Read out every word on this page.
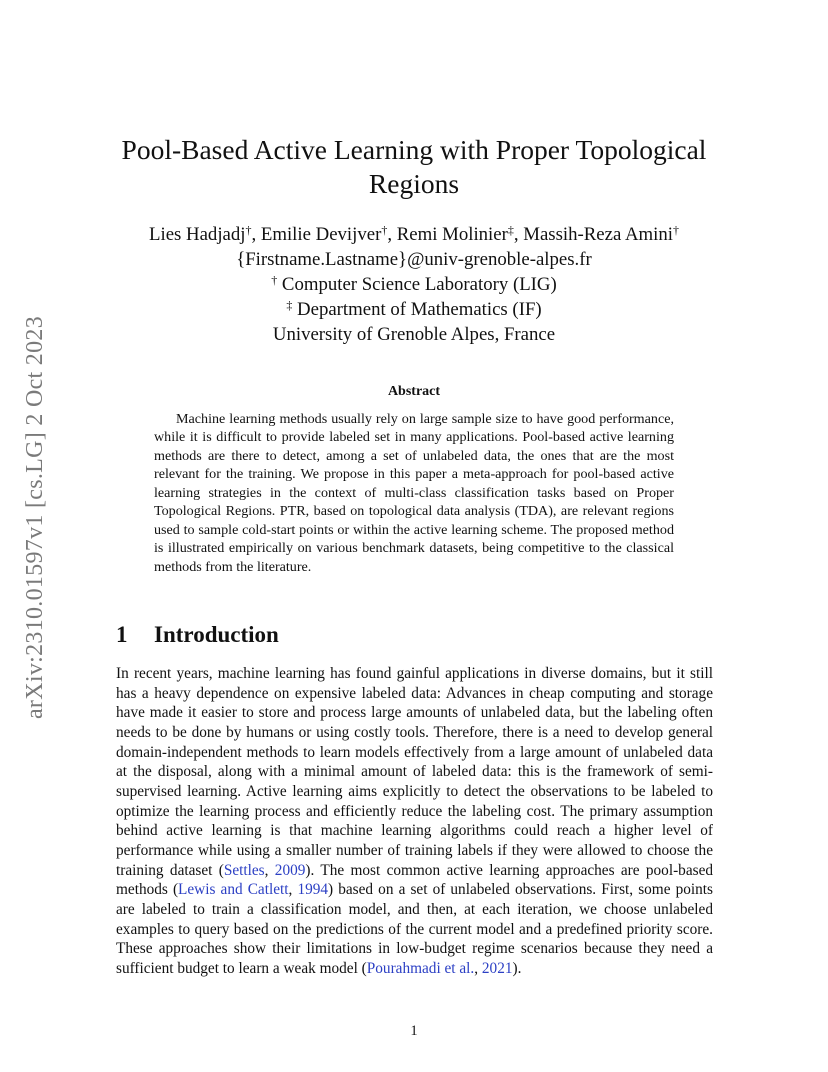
arXiv:2310.01597v1 [cs.LG] 2 Oct 2023
Pool-Based Active Learning with Proper Topological
Regions
Lies Hadjadj†, Emilie Devijver†, Remi Molinier‡, Massih-Reza Amini†
{Firstname.Lastname}@univ-grenoble-alpes.fr
† Computer Science Laboratory (LIG)
‡ Department of Mathematics (IF)
University of Grenoble Alpes, France
Abstract

Machine learning methods usually rely on large sample size to have good performance, while it is difficult to provide labeled set in many applications. Pool-based active learning methods are there to detect, among a set of unlabeled data, the ones that are the most relevant for the training. We propose in this paper a meta-approach for pool-based active learning strategies in the context of multi-class classification tasks based on Proper Topological Regions. PTR, based on topological data analysis (TDA), are relevant regions used to sample cold-start points or within the active learning scheme. The proposed method is illustrated empirically on various benchmark datasets, being competitive to the classical methods from the literature.

1 Introduction

In recent years, machine learning has found gainful applications in diverse domains, but it still has a heavy dependence on expensive labeled data: Advances in cheap computing and storage have made it easier to store and process large amounts of unlabeled data, but the labeling often needs to be done by humans or using costly tools. Therefore, there is a need to develop general domain-independent methods to learn models effectively from a large amount of unlabeled data at the disposal, along with a minimal amount of labeled data: this is the framework of semi-supervised learning. Active learning aims explicitly to detect the observations to be labeled to optimize the learning process and efficiently reduce the labeling cost. The primary assumption behind active learning is that machine learning algorithms could reach a higher level of performance while using a smaller number of training labels if they were allowed to choose the training dataset (Settles, 2009). The most common active learning approaches are pool-based methods (Lewis and Catlett, 1994) based on a set of unlabeled observations. First, some points are labeled to train a classification model, and then, at each iteration, we choose unlabeled examples to query based on the predictions of the current model and a predefined priority score. These approaches show their limitations in low-budget regime scenarios because they need a sufficient budget to learn a weak model (Pourahmadi et al., 2021).

1
